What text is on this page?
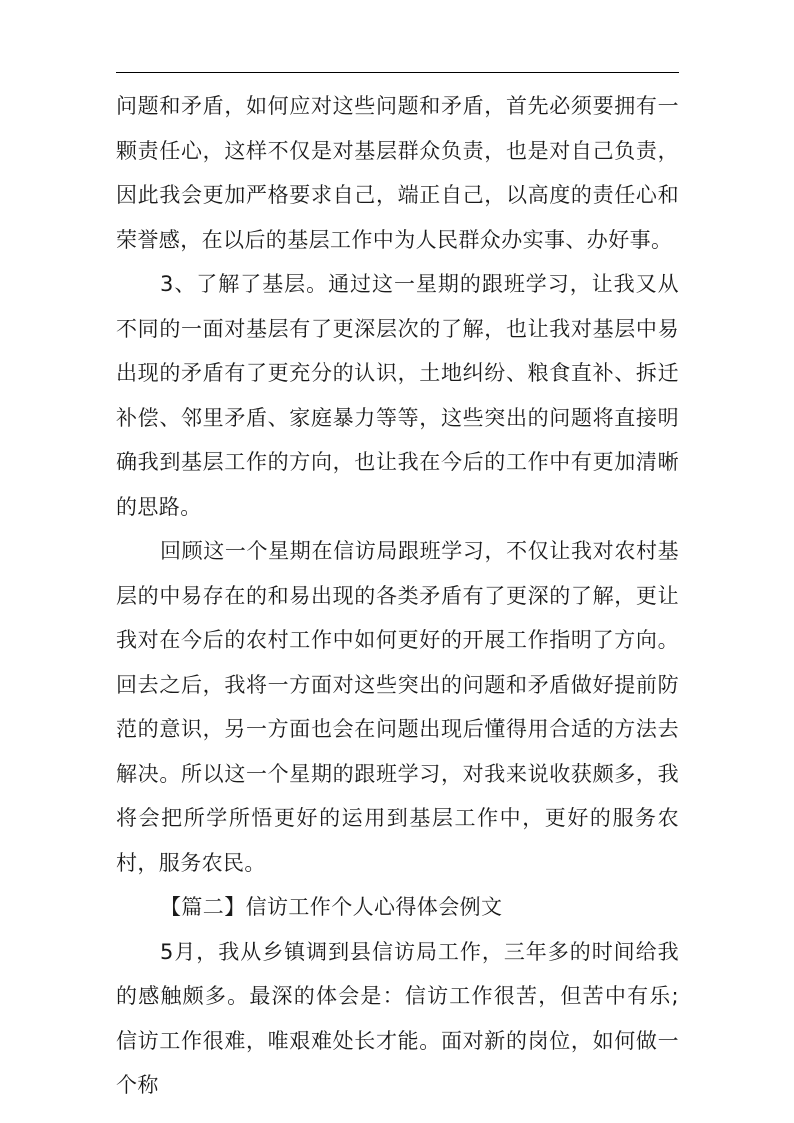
问题和矛盾，如何应对这些问题和矛盾，首先必须要拥有一颗责任心，这样不仅是对基层群众负责，也是对自己负责，因此我会更加严格要求自己，端正自己，以高度的责任心和荣誉感，在以后的基层工作中为人民群众办实事、办好事。

3、了解了基层。通过这一星期的跟班学习，让我又从不同的一面对基层有了更深层次的了解，也让我对基层中易出现的矛盾有了更充分的认识，土地纠纷、粮食直补、拆迁补偿、邻里矛盾、家庭暴力等等，这些突出的问题将直接明确我到基层工作的方向，也让我在今后的工作中有更加清晰的思路。

回顾这一个星期在信访局跟班学习，不仅让我对农村基层的中易存在的和易出现的各类矛盾有了更深的了解，更让我对在今后的农村工作中如何更好的开展工作指明了方向。回去之后，我将一方面对这些突出的问题和矛盾做好提前防范的意识，另一方面也会在问题出现后懂得用合适的方法去解决。所以这一个星期的跟班学习，对我来说收获颇多，我将会把所学所悟更好的运用到基层工作中，更好的服务农村，服务农民。

【篇二】信访工作个人心得体会例文

5月，我从乡镇调到县信访局工作，三年多的时间给我的感触颇多。最深的体会是：信访工作很苦，但苦中有乐;信访工作很难，唯艰难处长才能。面对新的岗位，如何做一个称
